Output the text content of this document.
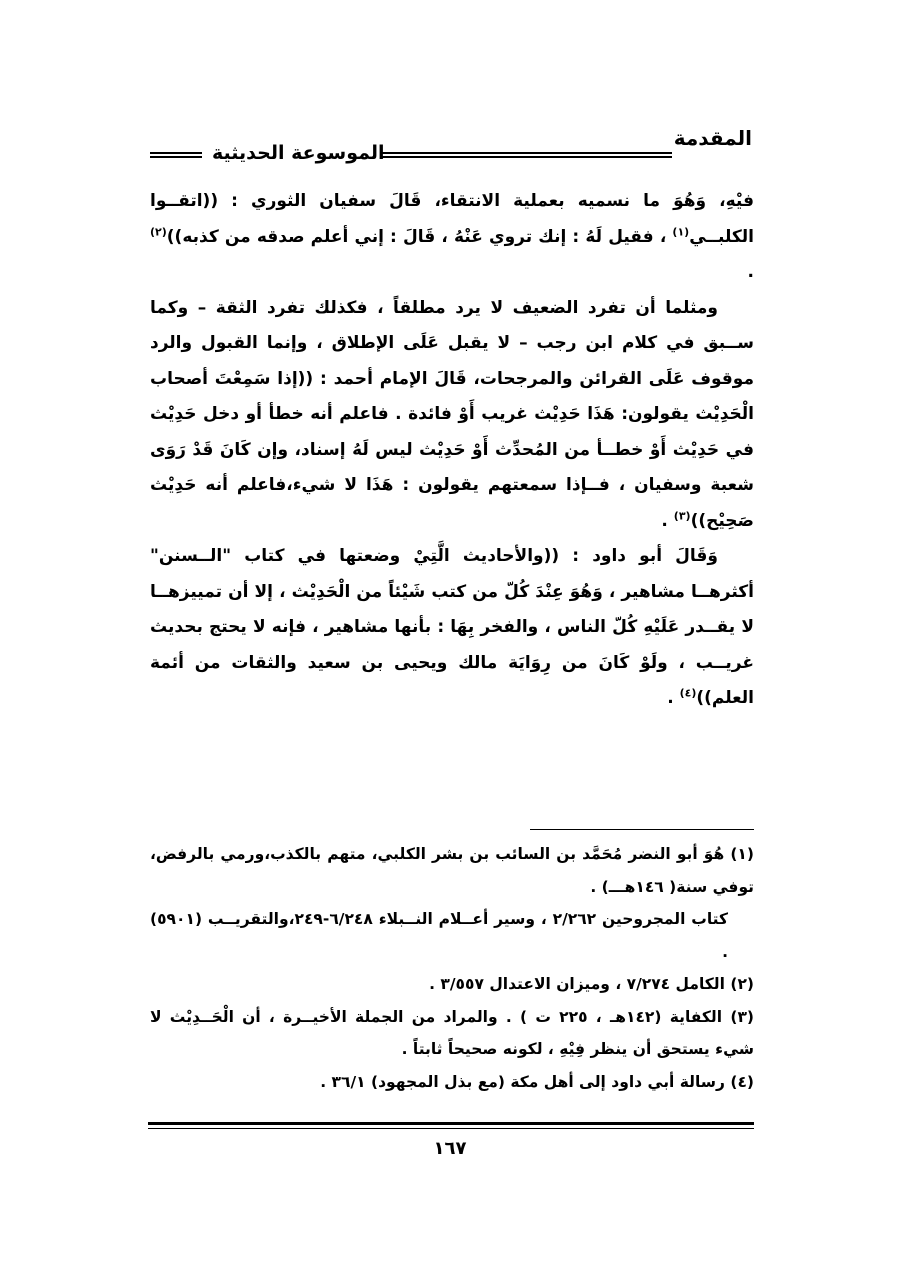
الموسوعة الحديثية
المقدمة

فيْهِ، وَهُوَ ما نسميه بعملية الانتقاء، قَالَ سفيان الثوري : ((اتقــوا الكلبــي$^{(١)}$ ، فقيل لَهُ : إنك تروي عَنْهُ ، قَالَ : إني أعلم صدقه من كذبه))$^{(٢)}$ .

ومثلما أن تفرد الضعيف لا يرد مطلقاً ، فكذلك تفرد الثقة – وكما ســبق في كلام ابن رجب – لا يقبل عَلَى الإطلاق ، وإنما القبول والرد موقوف عَلَى القرائن والمرجحات، قَالَ الإمام أحمد : ((إذا سَمِعْتَ أصحاب الْحَدِيْث يقولون: هَذَا حَدِيْث غريب أَوْ فائدة . فاعلم أنه خطأ أو دخل حَدِيْث في حَدِيْث أَوْ خطــأ من المُحدِّث أَوْ حَدِيْث ليس لَهُ إسناد، وإن كَانَ قَدْ رَوَى شعبة وسفيان ، فــإذا سمعتهم يقولون : هَذَا لا شيء،فاعلم أنه حَدِيْث صَحِيْح))$^{(٣)}$ .

وَقَالَ أبو داود : ((والأحاديث الَّتِيْ وضعتها في كتاب "الــسنن" أكثرهــا مشاهير ، وَهُوَ عِنْدَ كُلّ من كتب شَيْئاً من الْحَدِيْث ، إلا أن تمييزهــا لا يقــدر عَلَيْهِ كُلّ الناس ، والفخر بِهَا : بأنها مشاهير ، فإنه لا يحتج بحديث غريــب ، ولَوْ كَانَ من رِوَايَة مالك ويحيى بن سعيد والثقات من أئمة العلم))$^{(٤)}$ .

(١) هُوَ أبو النضر مُحَمَّد بن السائب بن بشر الكلبي، متهم بالكذب،ورمي بالرفض، توفي سنة( ١٤٦هـــ) .

كتاب المجروحين ٢/٢٦٢ ، وسير أعــلام النــبلاء ٦/٢٤٨-٢٤٩،والتقريــب (٥٩٠١) .

(٢) الكامل ٧/٢٧٤ ، وميزان الاعتدال ٣/٥٥٧ .

(٣) الكفاية (١٤٢هـ ، ٢٢٥ ت ) . والمراد من الجملة الأخيــرة ، أن الْحَــدِيْث لا شيء يستحق أن ينظر فِيْهِ ، لكونه صحيحاً ثابتاً .

(٤) رسالة أبي داود إلى أهل مكة (مع بذل المجهود) ٣٦/١ .

١٦٧
